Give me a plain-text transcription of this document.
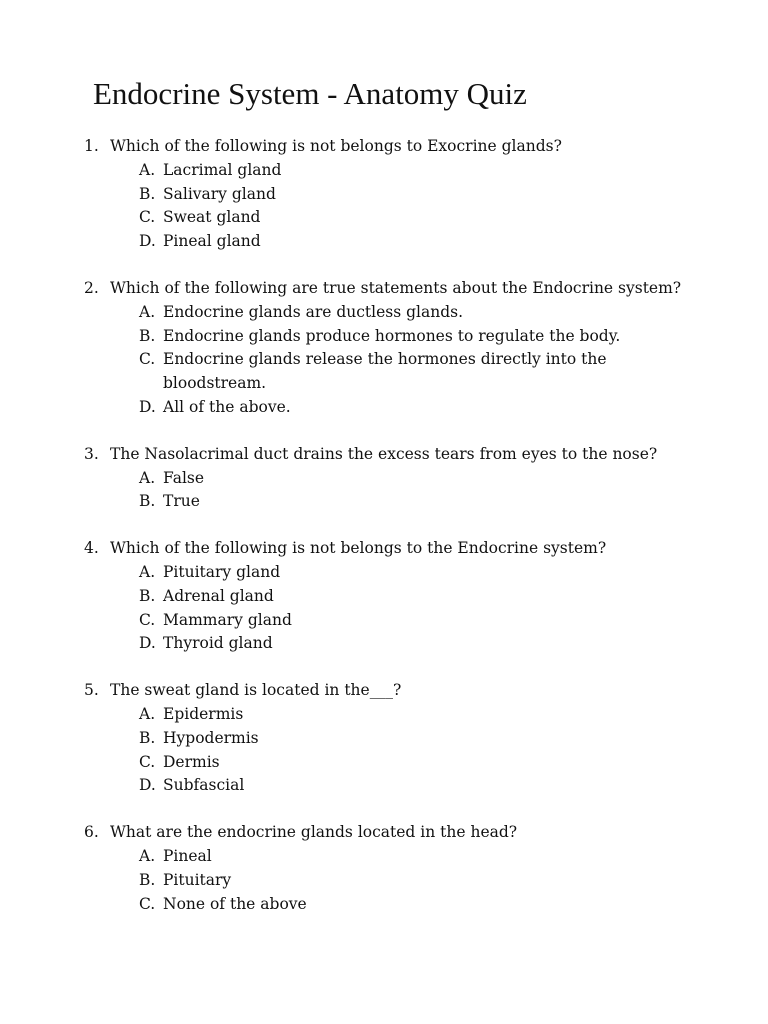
Endocrine System - Anatomy Quiz
1. Which of the following is not belongs to Exocrine glands?
A. Lacrimal gland
B. Salivary gland
C. Sweat gland
D. Pineal gland
2. Which of the following are true statements about the Endocrine system?
A. Endocrine glands are ductless glands.
B. Endocrine glands produce hormones to regulate the body.
C. Endocrine glands release the hormones directly into the bloodstream.
D. All of the above.
3. The Nasolacrimal duct drains the excess tears from eyes to the nose?
A. False
B. True
4. Which of the following is not belongs to the Endocrine system?
A. Pituitary gland
B. Adrenal gland
C. Mammary gland
D. Thyroid gland
5. The sweat gland is located in the___?
A. Epidermis
B. Hypodermis
C. Dermis
D. Subfascial
6. What are the endocrine glands located in the head?
A. Pineal
B. Pituitary
C. None of the above
